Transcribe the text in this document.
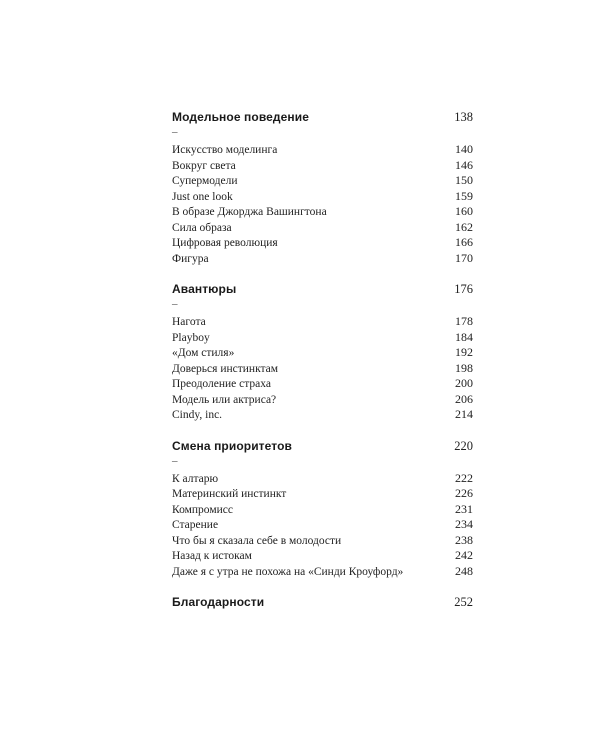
Модельное поведение	138
–
Искусство моделинга	140
Вокруг света	146
Супермодели	150
Just one look	159
В образе Джорджа Вашингтона	160
Сила образа	162
Цифровая революция	166
Фигура	170
Авантюры	176
–
Нагота	178
Playboy	184
«Дом стиля»	192
Доверься инстинктам	198
Преодоление страха	200
Модель или актриса?	206
Cindy, inc.	214
Смена приоритетов	220
–
К алтарю	222
Материнский инстинкт	226
Компромисс	231
Старение	234
Что бы я сказала себе в молодости	238
Назад к истокам	242
Даже я с утра не похожа на «Синди Кроуфорд»	248
Благодарности	252
